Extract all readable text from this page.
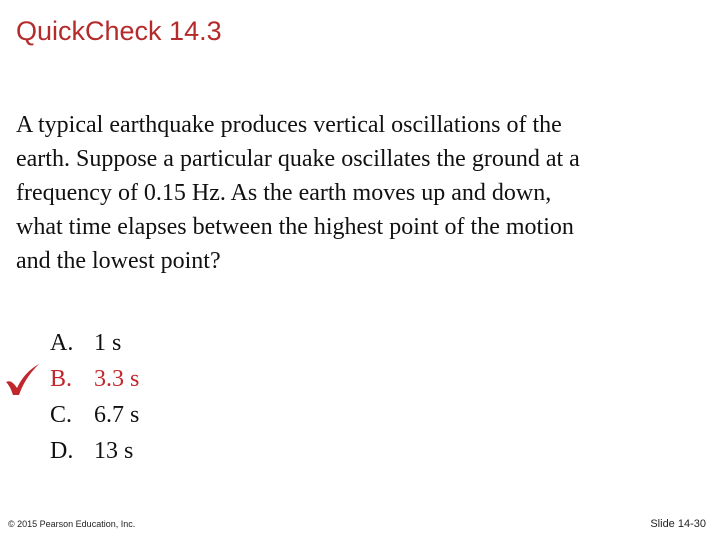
QuickCheck 14.3
A typical earthquake produces vertical oscillations of the
earth. Suppose a particular quake oscillates the ground at a
frequency of 0.15 Hz. As the earth moves up and down,
what time elapses between the highest point of the motion
and the lowest point?
A. 1 s
B. 3.3 s
C. 6.7 s
D. 13 s
© 2015 Pearson Education, Inc.	Slide 14-30
